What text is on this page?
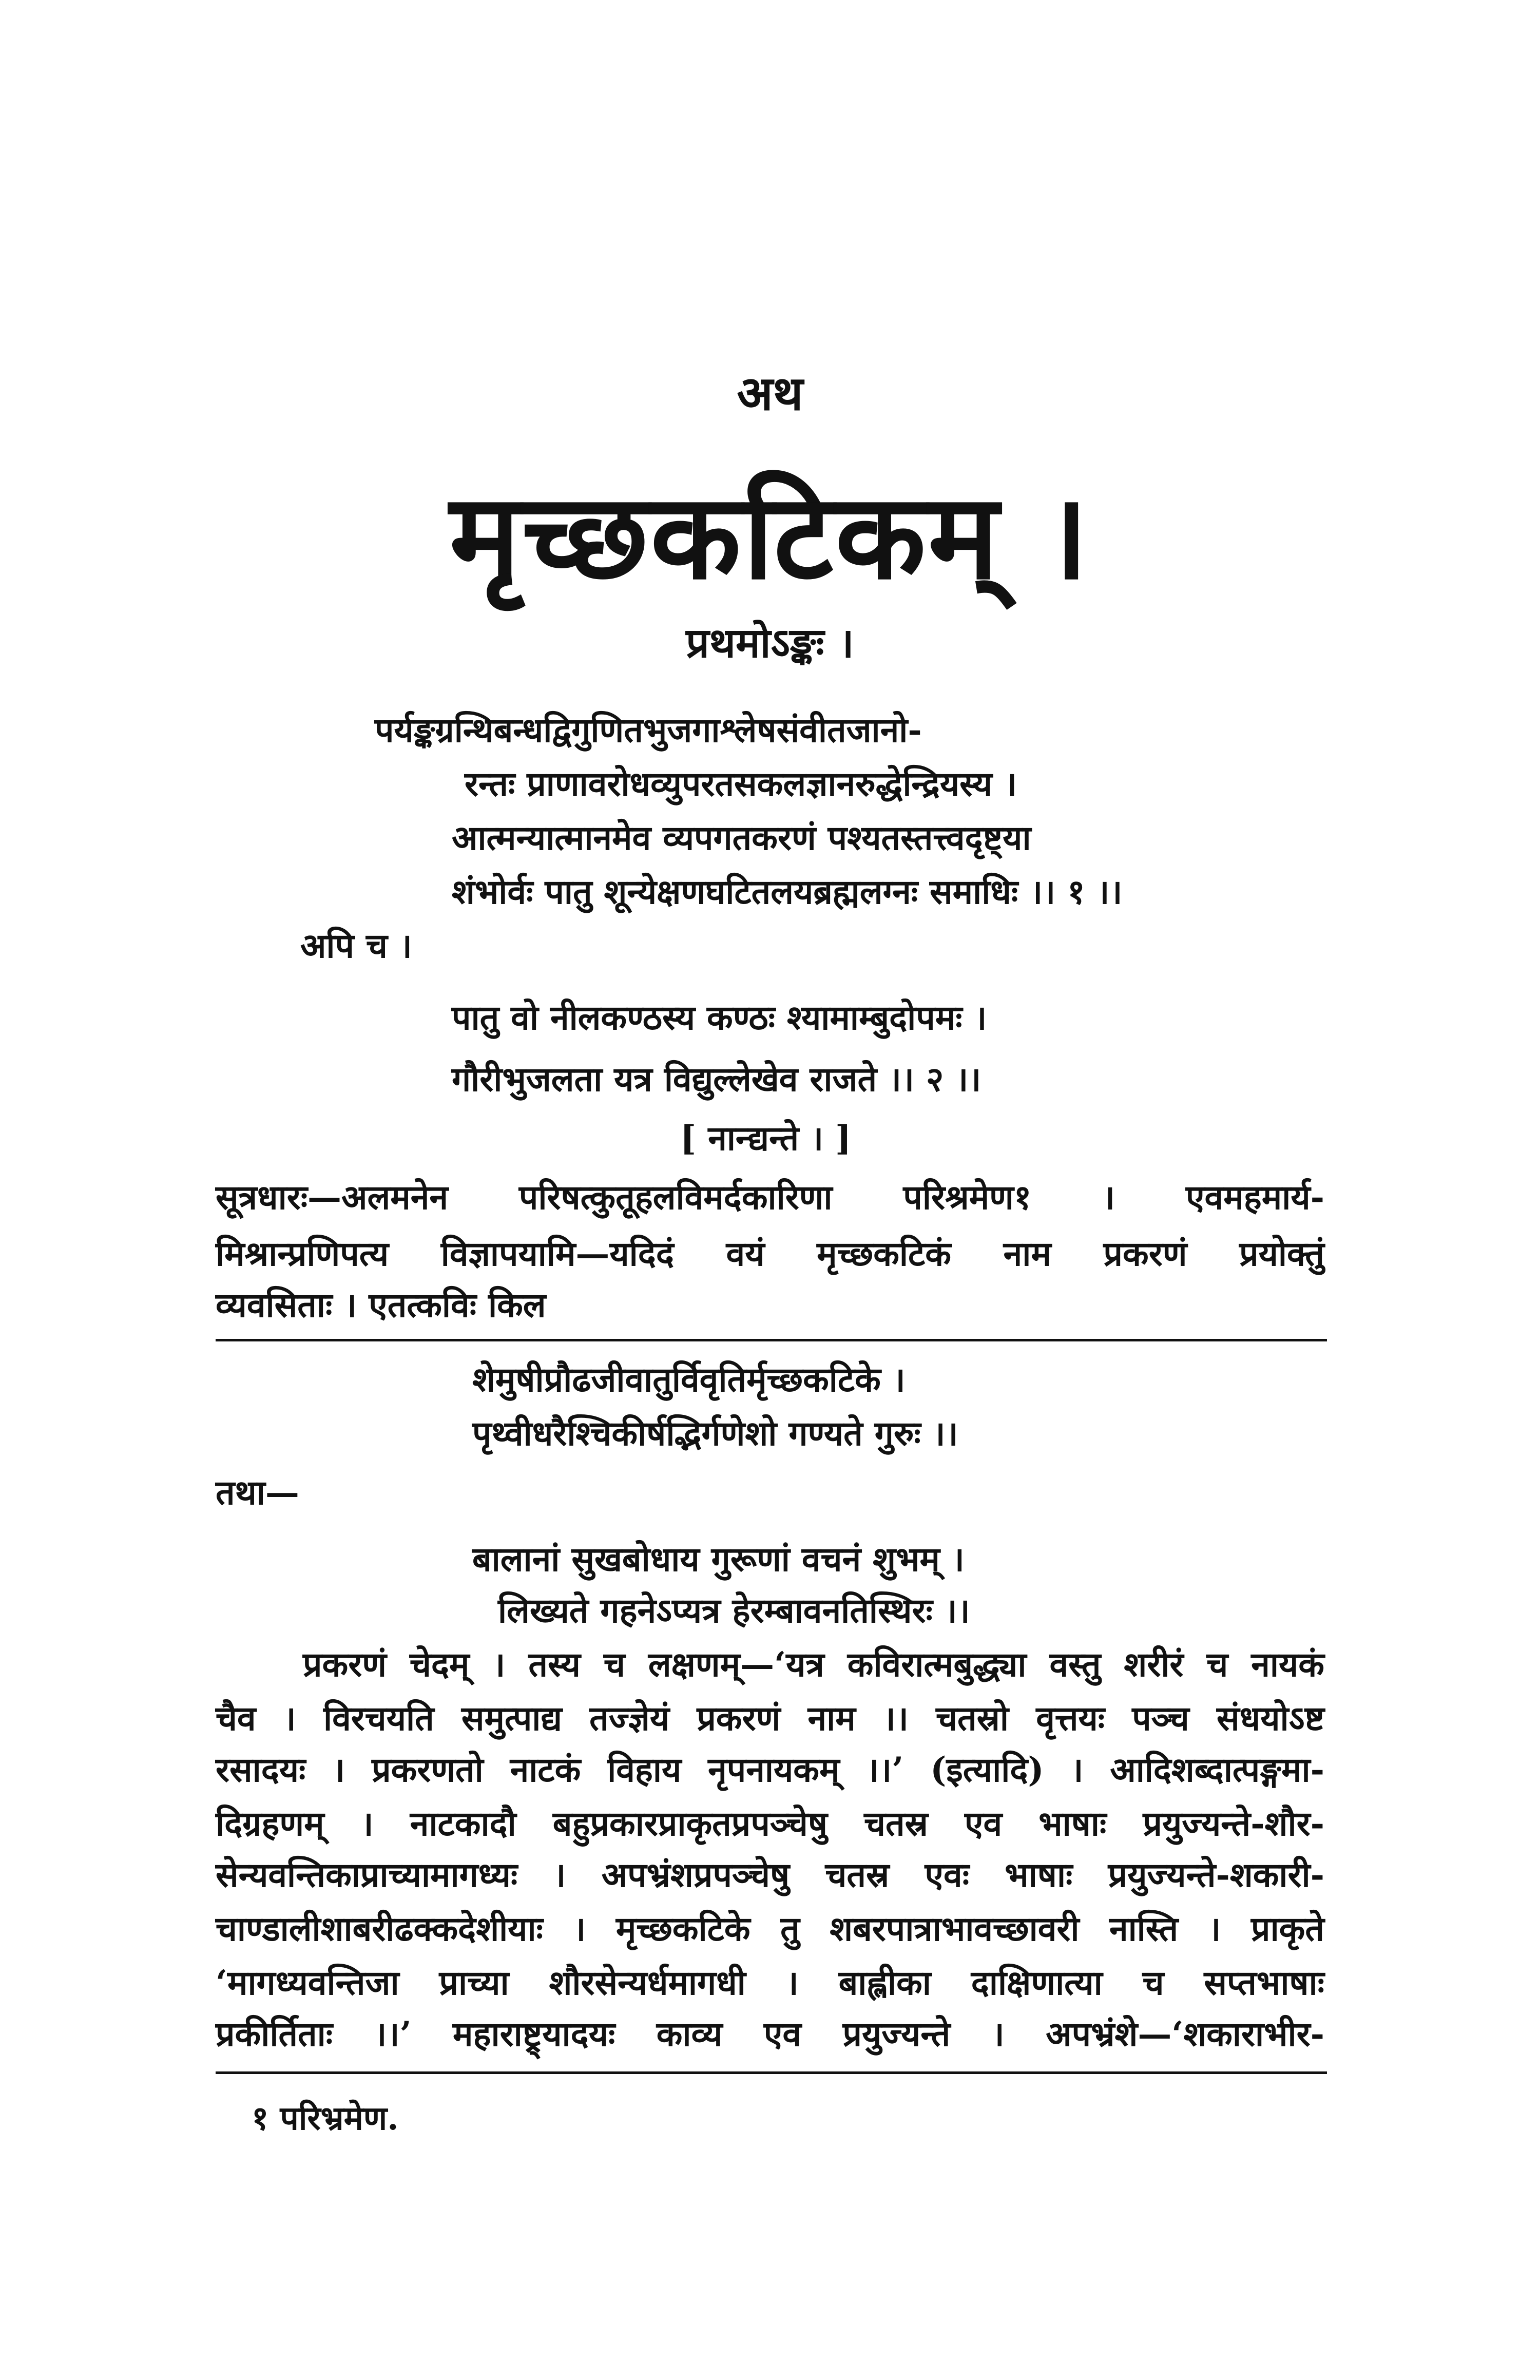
अथ
मृच्छकटिकम् ।
प्रथमोऽङ्कः ।
पर्यङ्कग्रन्थिबन्धद्विगुणितभुजगाश्लेषसंवीतजानो-
रन्तः प्राणावरोधव्युपरतसकलज्ञानरुद्धेन्द्रियस्य ।
आत्मन्यात्मानमेव व्यपगतकरणं पश्यतस्तत्त्वदृष्ट्या
शंभोर्वः पातु शून्येक्षणघटितलयब्रह्मलग्नः समाधिः ।। १ ।।
अपि च ।
पातु वो नीलकण्ठस्य कण्ठः श्यामाम्बुदोपमः ।
गौरीभुजलता यत्र विद्युल्लेखेव राजते ।। २ ।।
[ नान्द्यन्ते । ]
सूत्रधारः—अलमनेन परिषत्कुतूहलविमर्दकारिणा परिश्रमेण१ । एवमहमार्य-
मिश्रान्प्रणिपत्य विज्ञापयामि—यदिदं वयं मृच्छकटिकं नाम प्रकरणं प्रयोक्तुं
व्यवसिताः । एतत्कविः किल
शेमुषीप्रौढजीवातुर्विवृतिर्मृच्छकटिके ।
पृथ्वीधरैश्चिकीर्षद्भिर्गणेशो गण्यते गुरुः ।।
तथा—
बालानां सुखबोधाय गुरूणां वचनं शुभम् ।
लिख्यते गहनेऽप्यत्र हेरम्बावनतिस्थिरः ।।
प्रकरणं चेदम् । तस्य च लक्षणम्—‘यत्र कविरात्मबुद्ध्या वस्तु शरीरं च नायकं
चैव । विरचयति समुत्पाद्य तज्ज्ञेयं प्रकरणं नाम ।। चतस्रो वृत्तयः पञ्च संधयोऽष्ट
रसादयः । प्रकरणतो नाटकं विहाय नृपनायकम् ।।’ (इत्यादि) । आदिशब्दात्पङ्गमा-
दिग्रहणम् । नाटकादौ बहुप्रकारप्राकृतप्रपञ्चेषु चतस्र एव भाषाः प्रयुज्यन्ते-शौर-
सेन्यवन्तिकाप्राच्यामागध्यः । अपभ्रंशप्रपञ्चेषु चतस्र एवः भाषाः प्रयुज्यन्ते-शकारी-
चाण्डालीशाबरीढक्कदेशीयाः । मृच्छकटिके तु शबरपात्राभावच्छावरी नास्ति । प्राकृते
‘मागध्यवन्तिजा प्राच्या शौरसेन्यर्धमागधी । बाह्लीका दाक्षिणात्या च सप्तभाषाः
प्रकीर्तिताः ।।’ महाराष्ट्र्यादयः काव्य एव प्रयुज्यन्ते । अपभ्रंशे—‘शकाराभीर-
१ परिभ्रमेण.
